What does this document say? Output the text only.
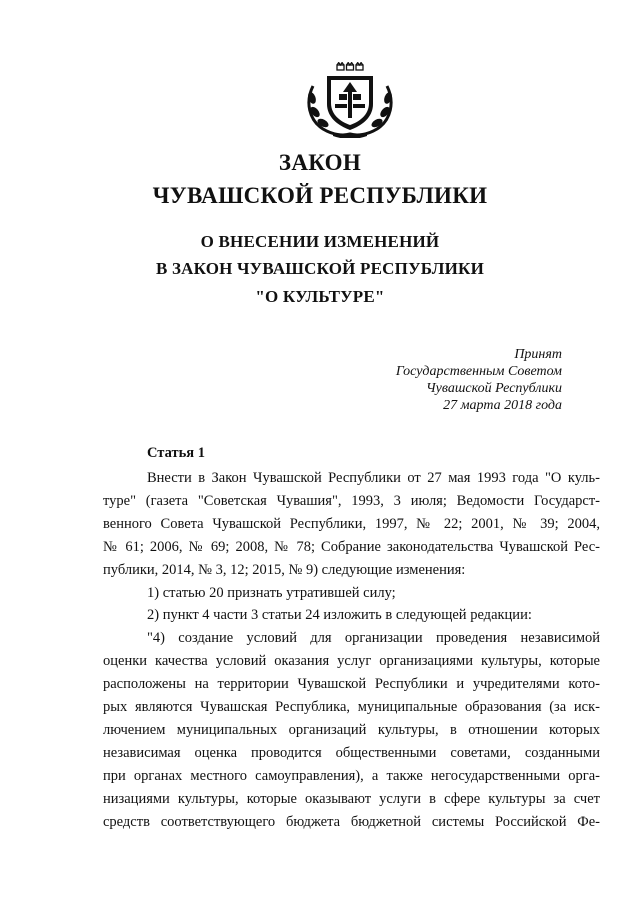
ЗАКОН
ЧУВАШСКОЙ РЕСПУБЛИКИ
О ВНЕСЕНИИ ИЗМЕНЕНИЙ
В ЗАКОН ЧУВАШСКОЙ РЕСПУБЛИКИ
"О КУЛЬТУРЕ"
Принят
Государственным Советом
Чувашской Республики
27 марта 2018 года
Статья 1
Внести в Закон Чувашской Республики от 27 мая 1993 года "О куль-
туре" (газета "Советская Чувашия", 1993, 3 июля; Ведомости Государст-
венного Совета Чувашской Республики, 1997, № 22; 2001, № 39; 2004,
№ 61; 2006, № 69; 2008, № 78; Собрание законодательства Чувашской Рес-
публики, 2014, № 3, 12; 2015, № 9) следующие изменения:
1) статью 20 признать утратившей силу;
2) пункт 4 части 3 статьи 24 изложить в следующей редакции:
"4) создание условий для организации проведения независимой
оценки качества условий оказания услуг организациями культуры, которые
расположены на территории Чувашской Республики и учредителями кото-
рых являются Чувашская Республика, муниципальные образования (за иск-
лючением муниципальных организаций культуры, в отношении которых
независимая оценка проводится общественными советами, созданными
при органах местного самоуправления), а также негосударственными орга-
низациями культуры, которые оказывают услуги в сфере культуры за счет
средств соответствующего бюджета бюджетной системы Российской Фе-
